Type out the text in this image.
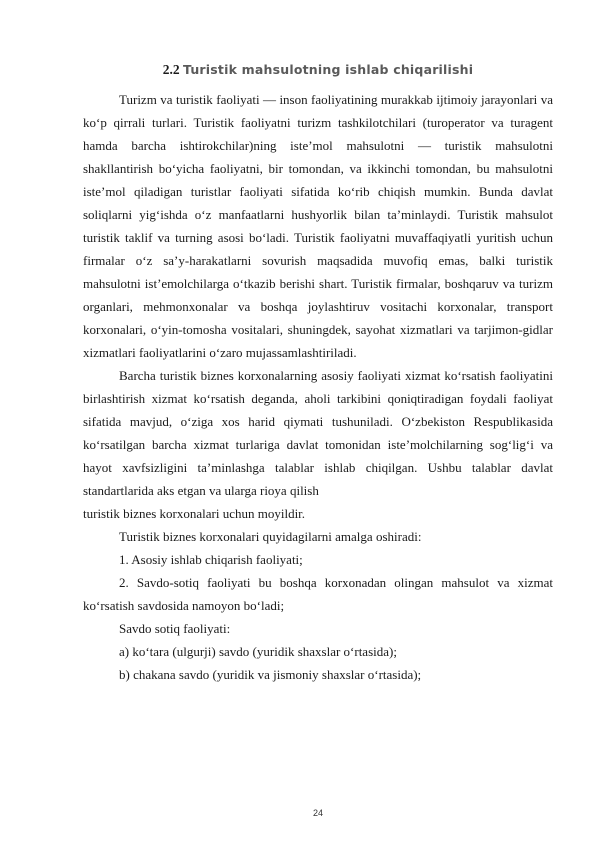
2.2 Turistik mahsulotning ishlab chiqarilishi

Turizm va turistik faoliyati — inson faoliyatining murakkab ijtimoiy jarayonlari va ko‘p qirrali turlari. Turistik faoliyatni turizm tashkilotchilari (turoperator va turagent hamda barcha ishtirokchilar)ning iste’mol mahsulotni — turistik mahsulotni shakllantirish bo‘yicha faoliyatni, bir tomondan, va ikkinchi tomondan, bu mahsulotni iste’mol qiladigan turistlar faoliyati sifatida ko‘rib chiqish mumkin. Bunda davlat soliqlarni yig‘ishda o‘z manfaatlarni hushyorlik bilan ta’minlaydi. Turistik mahsulot turistik taklif va turning asosi bo‘ladi. Turistik faoliyatni muvaffaqiyatli yuritish uchun firmalar o‘z sa’y-harakatlarni sovurish maqsadida muvofiq emas, balki turistik mahsulotni ist’emolchilarga o‘tkazib berishi shart. Turistik firmalar, boshqaruv va turizm organlari, mehmonxonalar va boshqa joylashtiruv vositachi korxonalar, transport korxonalari, o‘yin-tomosha vositalari, shuningdek, sayohat xizmatlari va tarjimon-gidlar xizmatlari faoliyatlarini o‘zaro mujassamlashtiriladi.

Barcha turistik biznes korxonalarning asosiy faoliyati xizmat ko‘rsatish faoliyatini birlashtirish xizmat ko‘rsatish deganda, aholi tarkibini qoniqtiradigan foydali faoliyat sifatida mavjud, o‘ziga xos harid qiymati tushuniladi. O‘zbekiston Respublikasida ko‘rsatilgan barcha xizmat turlariga davlat tomonidan iste’molchilarning sog‘lig‘i va hayot xavfsizligini ta’minlashga talablar ishlab chiqilgan. Ushbu talablar davlat standartlarida aks etgan va ularga rioya qilish

turistik biznes korxonalari uchun moyildir.

Turistik biznes korxonalari quyidagilarni amalga oshiradi:

1. Asosiy ishlab chiqarish faoliyati;

2. Savdo-sotiq faoliyati bu boshqa korxonadan olingan mahsulot va xizmat ko‘rsatish savdosida namoyon bo‘ladi;

Savdo sotiq faoliyati:

a) ko‘tara (ulgurji) savdo (yuridik shaxslar o‘rtasida);

b) chakana savdo (yuridik va jismoniy shaxslar o‘rtasida);

24
